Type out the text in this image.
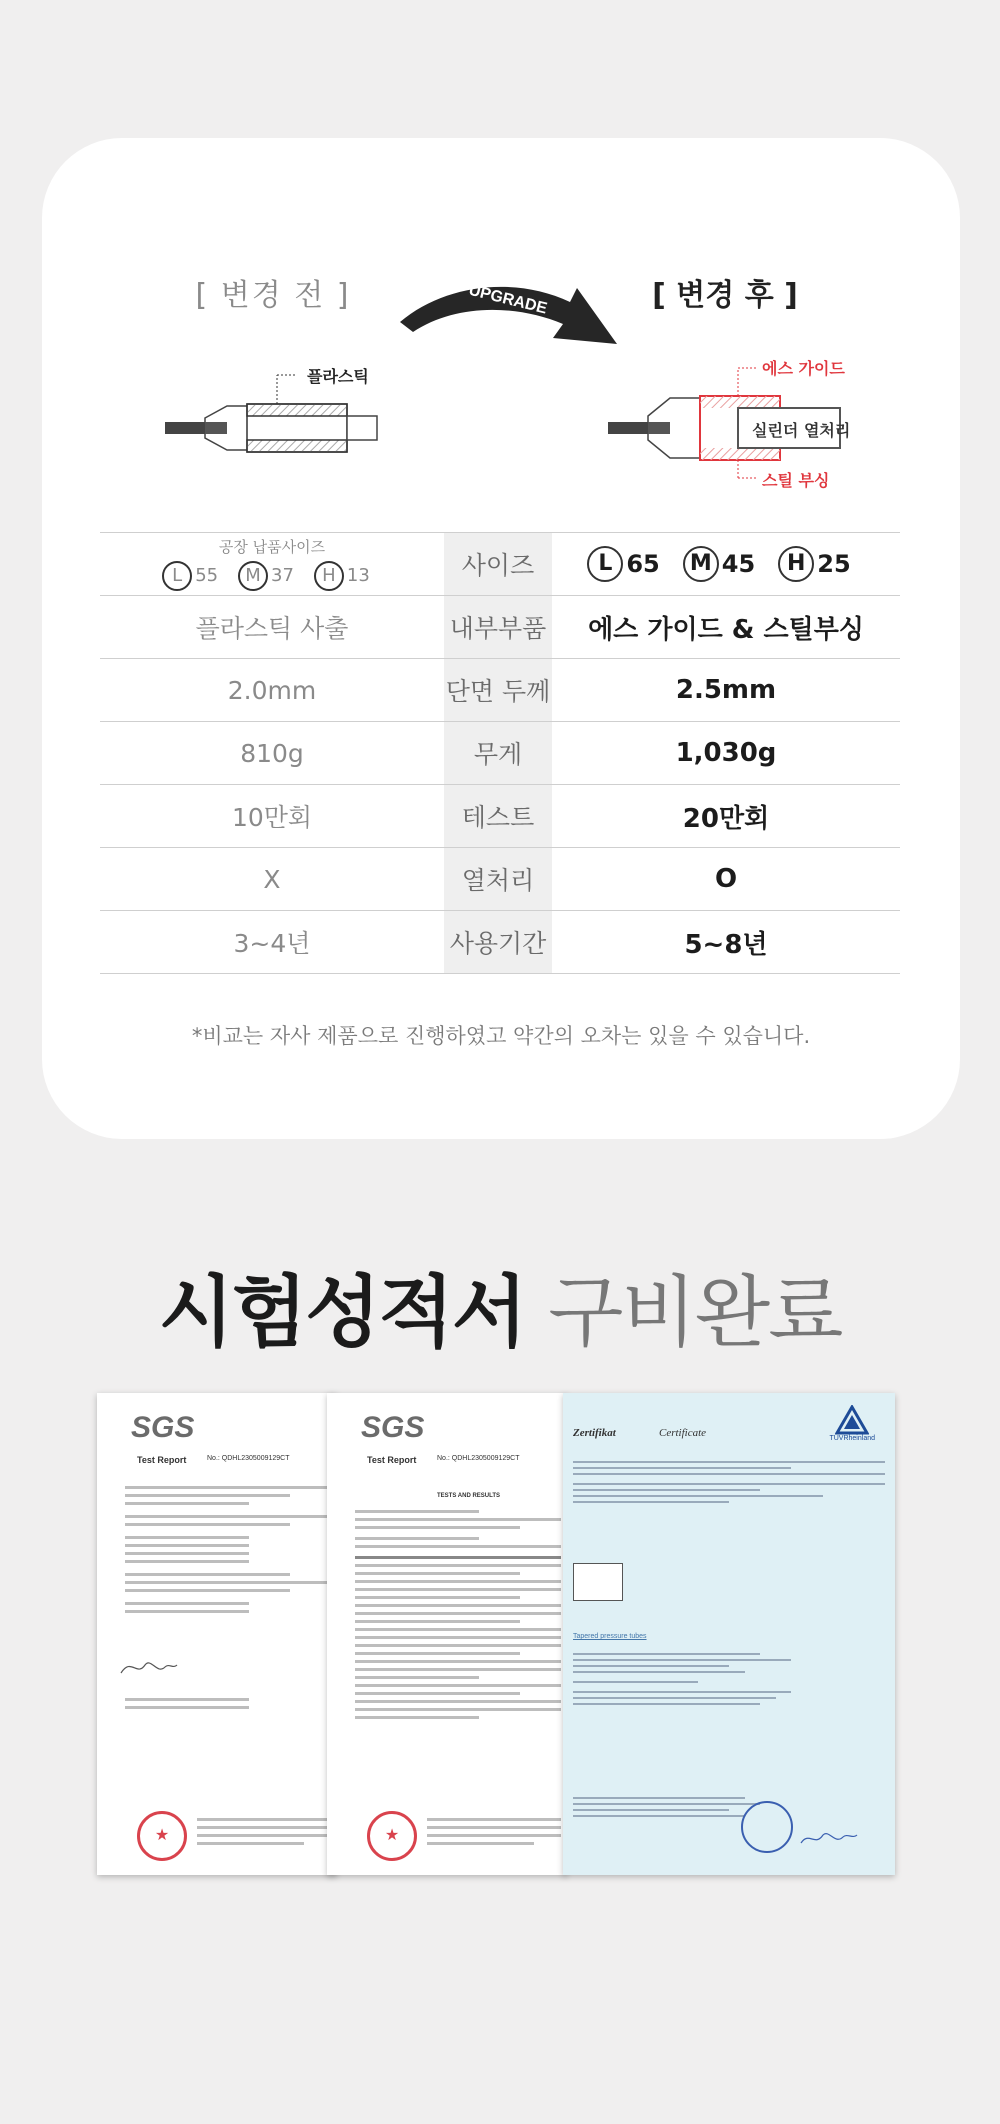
[ 변경 전 ]	[ 변경 후 ]
UPGRADE
플라스틱	에스 가이드
실린더 열처리
스틸 부싱
공장 납품사이즈
L 55 M 37 H 13	사이즈	L 65 M 45 H 25
플라스틱 사출	내부부품	에스 가이드 & 스틸부싱
2.0mm	단면 두께	2.5mm
810g	무게	1,030g
10만회	테스트	20만회
X	열처리	O
3~4년	사용기간	5~8년
*비교는 자사 제품으로 진행하였고 약간의 오차는 있을 수 있습니다.
시험성적서 구비완료
SGS
Test Report	No.: QDHL2305009129CT
★
SGS
Test Report	No.: QDHL2305009129CT
TESTS AND RESULTS
★
Zertifikat	Certificate	TÜVRheinland
Tapered pressure tubes
